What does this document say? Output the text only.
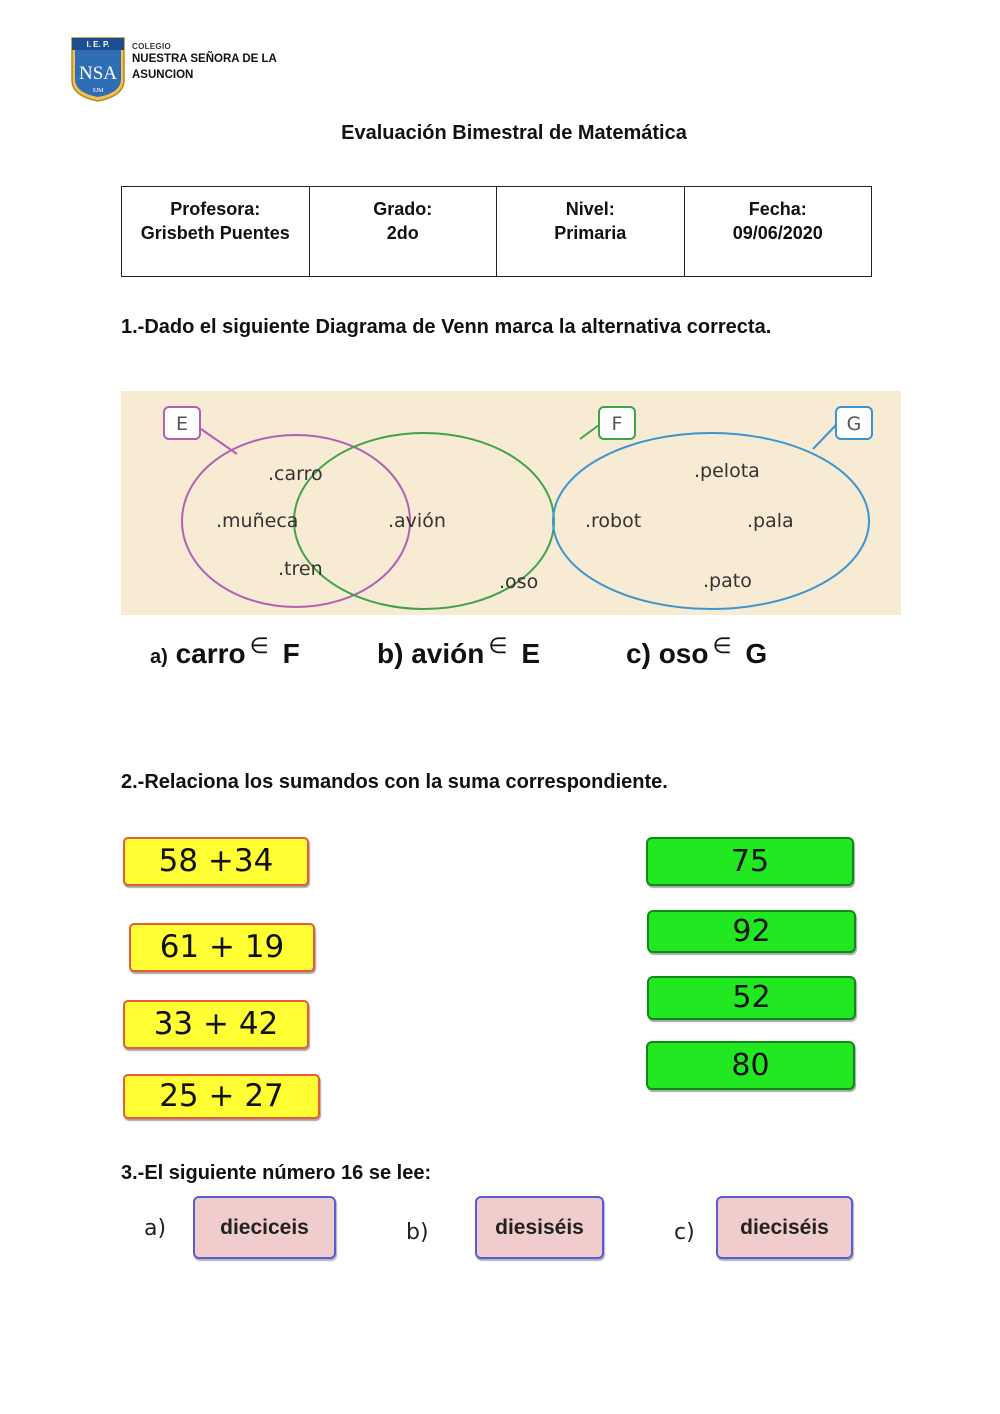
I. E. P.
NSA
SJM
COLEGIO
NUESTRA SEÑORA DE LA
ASUNCION
Evaluación Bimestral de Matemática
Profesora:
Grisbeth Puentes
Grado:
2do
Nivel:
Primaria
Fecha:
09/06/2020
1.-Dado el siguiente Diagrama de Venn marca la alternativa correcta.
E	F	G
.carro
.muñeca
.tren
.avión
.oso
.robot
.pelota
.pala
.pato
a) carro ∈ F	b) avión ∈ E	c) oso ∈ G
2.-Relaciona los sumandos con la suma correspondiente.
58 +34
61 + 19
33 + 42
25 + 27
75
92
52
80
3.-El siguiente número 16 se lee:
a)	dieciceis	b)	diesiséis	c)	dieciséis
